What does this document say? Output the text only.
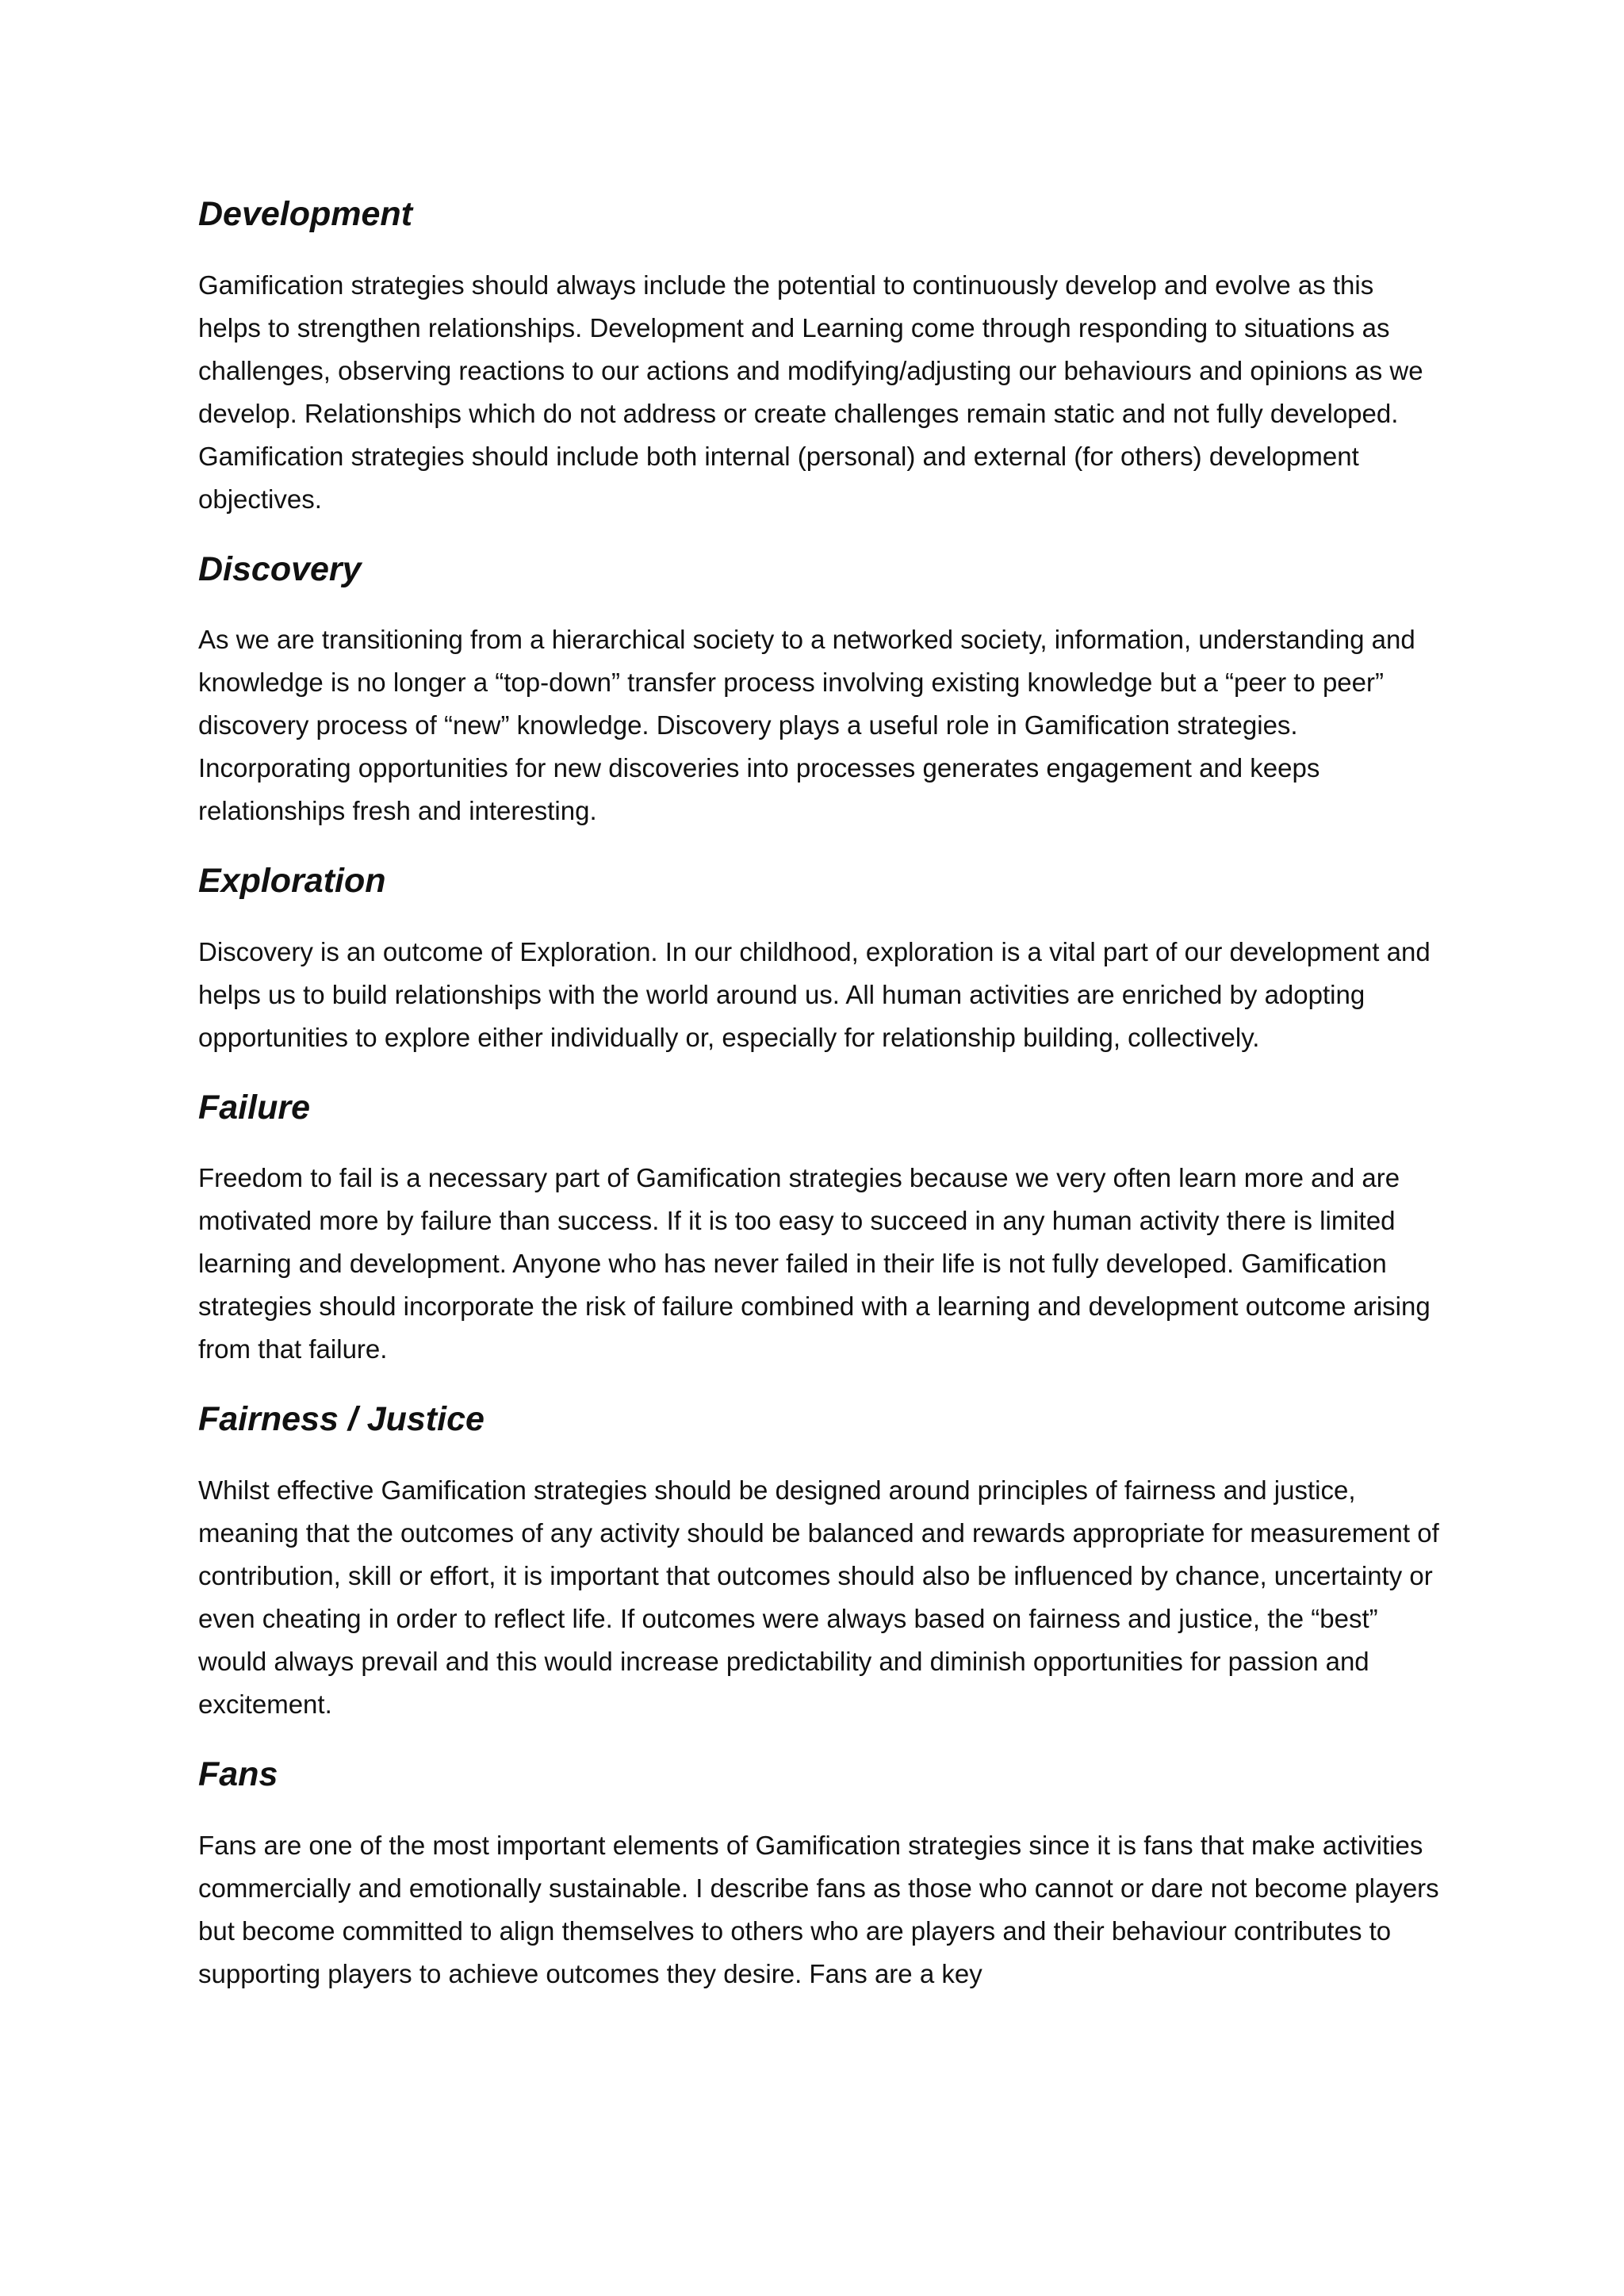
Development

Gamification strategies should always include the potential to continuously develop and evolve as this helps to strengthen relationships. Development and Learning come through responding to situations as challenges, observing reactions to our actions and modifying/adjusting our behaviours and opinions as we develop. Relationships which do not address or create challenges remain static and not fully developed. Gamification strategies should include both internal (personal) and external (for others) development objectives.

Discovery

As we are transitioning from a hierarchical society to a networked society, information, understanding and knowledge is no longer a “top-down” transfer process involving existing knowledge but a “peer to peer” discovery process of “new” knowledge. Discovery plays a useful role in Gamification strategies. Incorporating opportunities for new discoveries into processes generates engagement and keeps relationships fresh and interesting.

Exploration

Discovery is an outcome of Exploration. In our childhood, exploration is a vital part of our development and helps us to build relationships with the world around us. All human activities are enriched by adopting opportunities to explore either individually or, especially for relationship building, collectively.

Failure

Freedom to fail is a necessary part of Gamification strategies because we very often learn more and are motivated more by failure than success. If it is too easy to succeed in any human activity there is limited learning and development. Anyone who has never failed in their life is not fully developed. Gamification strategies should incorporate the risk of failure combined with a learning and development outcome arising from that failure.

Fairness / Justice

Whilst effective Gamification strategies should be designed around principles of fairness and justice, meaning that the outcomes of any activity should be balanced and rewards appropriate for measurement of contribution, skill or effort, it is important that outcomes should also be influenced by chance, uncertainty or even cheating in order to reflect life. If outcomes were always based on fairness and justice, the “best” would always prevail and this would increase predictability and diminish opportunities for passion and excitement.

Fans

Fans are one of the most important elements of Gamification strategies since it is fans that make activities commercially and emotionally sustainable. I describe fans as those who cannot or dare not become players but become committed to align themselves to others who are players and their behaviour contributes to supporting players to achieve outcomes they desire. Fans are a key
